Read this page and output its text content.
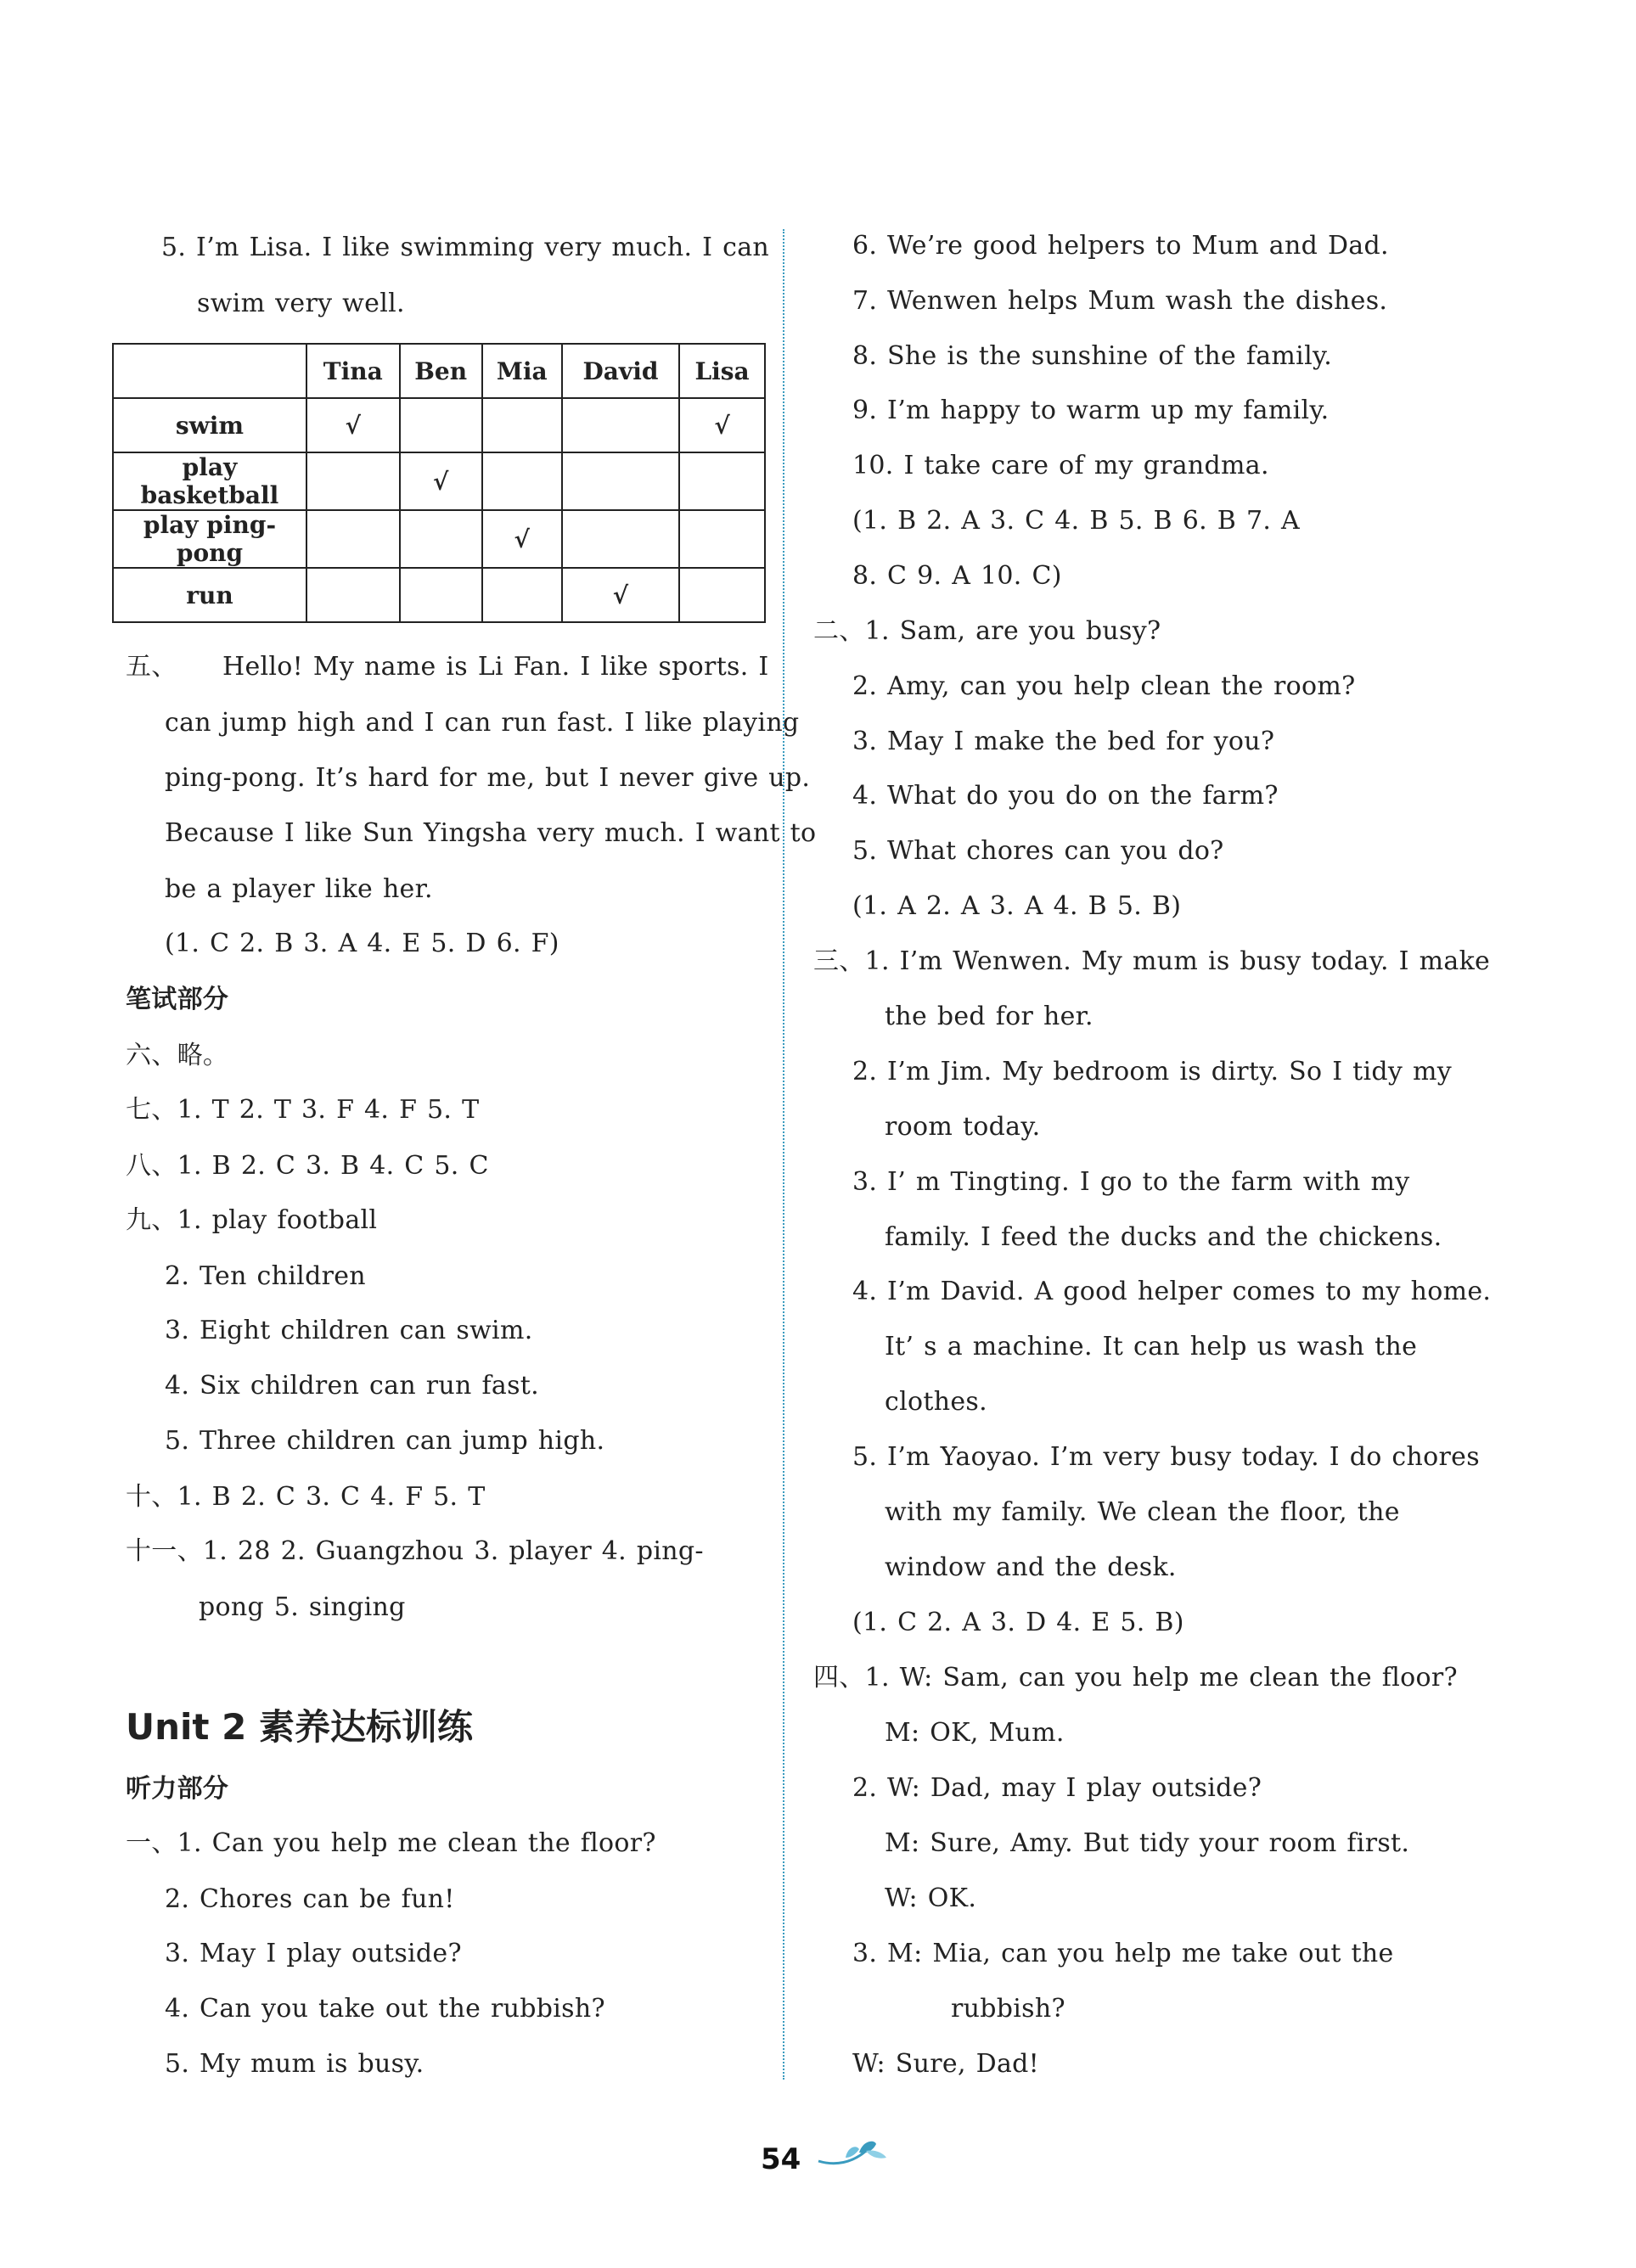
5. I’m Lisa. I like swimming very much. I can
swim very well.
	Tina	Ben	Mia	David	Lisa
swim	√				√
play basketball		√			
play ping-pong			√		
run				√	
五、 Hello! My name is Li Fan. I like sports. I
can jump high and I can run fast. I like playing
ping-pong. It’s hard for me, but I never give up.
Because I like Sun Yingsha very much. I want to
be a player like her.
(1. C 2. B 3. A 4. E 5. D 6. F)
笔试部分
六、略。
七、1. T 2. T 3. F 4. F 5. T
八、1. B 2. C 3. B 4. C 5. C
九、1. play football
2. Ten children
3. Eight children can swim.
4. Six children can run fast.
5. Three children can jump high.
十、1. B 2. C 3. C 4. F 5. T
十一、1. 28 2. Guangzhou 3. player 4. ping-
pong 5. singing
Unit 2 素养达标训练
听力部分
一、1. Can you help me clean the floor?
2. Chores can be fun!
3. May I play outside?
4. Can you take out the rubbish?
5. My mum is busy.
6. We’re good helpers to Mum and Dad.
7. Wenwen helps Mum wash the dishes.
8. She is the sunshine of the family.
9. I’m happy to warm up my family.
10. I take care of my grandma.
(1. B 2. A 3. C 4. B 5. B 6. B 7. A
8. C 9. A 10. C)
二、1. Sam, are you busy?
2. Amy, can you help clean the room?
3. May I make the bed for you?
4. What do you do on the farm?
5. What chores can you do?
(1. A 2. A 3. A 4. B 5. B)
三、1. I’m Wenwen. My mum is busy today. I make
the bed for her.
2. I’m Jim. My bedroom is dirty. So I tidy my
room today.
3. I’ m Tingting. I go to the farm with my
family. I feed the ducks and the chickens.
4. I’m David. A good helper comes to my home.
It’ s a machine. It can help us wash the
clothes.
5. I’m Yaoyao. I’m very busy today. I do chores
with my family. We clean the floor, the
window and the desk.
(1. C 2. A 3. D 4. E 5. B)
四、1. W: Sam, can you help me clean the floor?
M: OK, Mum.
2. W: Dad, may I play outside?
M: Sure, Amy. But tidy your room first.
W: OK.
3. M: Mia, can you help me take out the
rubbish?
W: Sure, Dad!
54
